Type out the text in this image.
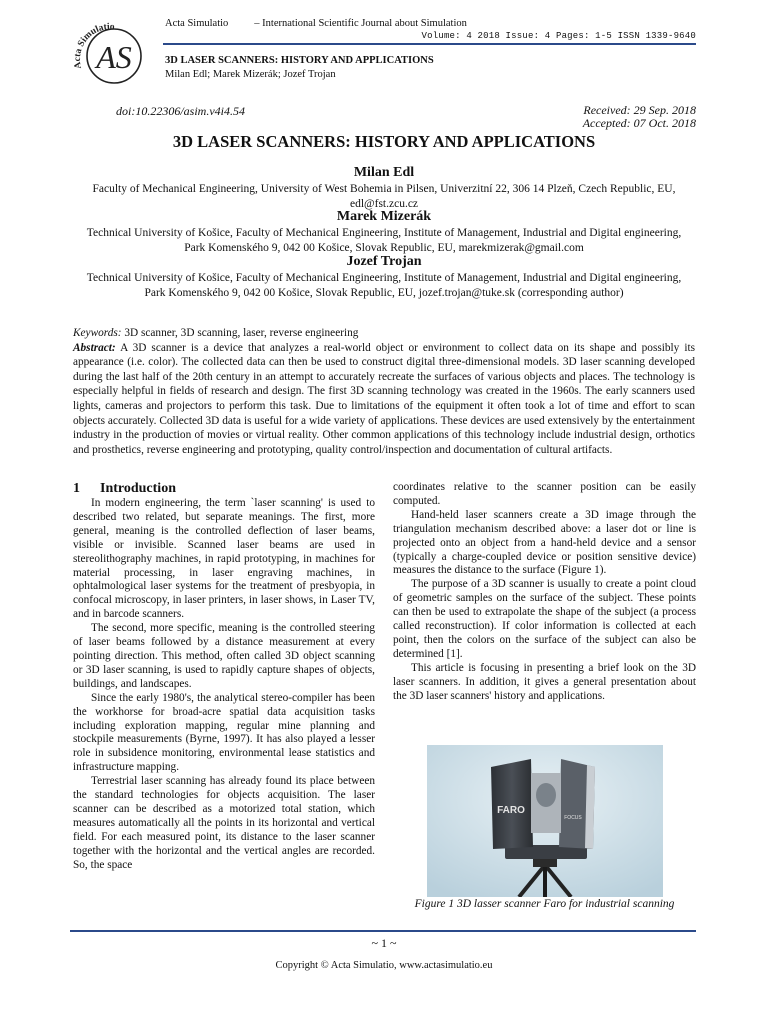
Acta Simulatio
AS
Acta Simulatio – International Scientific Journal about Simulation
Volume: 4 2018 Issue: 4 Pages: 1-5 ISSN 1339-9640
3D LASER SCANNERS: HISTORY AND APPLICATIONS
Milan Edl; Marek Mizerák; Jozef Trojan
doi:10.22306/asim.v4i4.54	Received: 29 Sep. 2018
Accepted: 07 Oct. 2018
3D LASER SCANNERS: HISTORY AND APPLICATIONS
Milan Edl
Faculty of Mechanical Engineering, University of West Bohemia in Pilsen, Univerzitní 22, 306 14 Plzeň, Czech Republic, EU, edl@fst.zcu.cz
Marek Mizerák
Technical University of Košice, Faculty of Mechanical Engineering, Institute of Management, Industrial and Digital engineering, Park Komenského 9, 042 00 Košice, Slovak Republic, EU, marekmizerak@gmail.com
Jozef Trojan
Technical University of Košice, Faculty of Mechanical Engineering, Institute of Management, Industrial and Digital engineering, Park Komenského 9, 042 00 Košice, Slovak Republic, EU, jozef.trojan@tuke.sk (corresponding author)

Keywords: 3D scanner, 3D scanning, laser, reverse engineering

Abstract: A 3D scanner is a device that analyzes a real-world object or environment to collect data on its shape and possibly its appearance (i.e. color). The collected data can then be used to construct digital three-dimensional models. 3D laser scanning developed during the last half of the 20th century in an attempt to accurately recreate the surfaces of various objects and places. The technology is especially helpful in fields of research and design. The first 3D scanning technology was created in the 1960s. The early scanners used lights, cameras and projectors to perform this task. Due to limitations of the equipment it often took a lot of time and effort to scan objects accurately. Collected 3D data is useful for a wide variety of applications. These devices are used extensively by the entertainment industry in the production of movies or virtual reality. Other common applications of this technology include industrial design, orthotics and prosthetics, reverse engineering and prototyping, quality control/inspection and documentation of cultural artifacts.

1 Introduction

In modern engineering, the term `laser scanning' is used to described two related, but separate meanings. The first, more general, meaning is the controlled deflection of laser beams, visible or invisible. Scanned laser beams are used in stereolithography machines, in rapid prototyping, in machines for material processing, in laser engraving machines, in ophtalmological laser systems for the treatment of presbyopia, in confocal microscopy, in laser printers, in laser shows, in Laser TV, and in barcode scanners.

The second, more specific, meaning is the controlled steering of laser beams followed by a distance measurement at every pointing direction. This method, often called 3D object scanning or 3D laser scanning, is used to rapidly capture shapes of objects, buildings, and landscapes.

Since the early 1980's, the analytical stereo-compiler has been the workhorse for broad-acre spatial data acquisition tasks including exploration mapping, regular mine planning and stockpile measurements (Byrne, 1997). It has also played a lesser role in subsidence monitoring, environmental lease statistics and infrastructure mapping.

Terrestrial laser scanning has already found its place between the standard technologies for objects acquisition. The laser scanner can be described as a motorized total station, which measures automatically all the points in its horizontal and vertical field. For each measured point, its distance to the laser scanner together with the horizontal and the vertical angles are recorded. So, the space

coordinates relative to the scanner position can be easily computed.

Hand-held laser scanners create a 3D image through the triangulation mechanism described above: a laser dot or line is projected onto an object from a hand-held device and a sensor (typically a charge-coupled device or position sensitive device) measures the distance to the surface (Figure 1).

The purpose of a 3D scanner is usually to create a point cloud of geometric samples on the surface of the subject. These points can then be used to extrapolate the shape of the subject (a process called reconstruction). If color information is collected at each point, then the colors on the surface of the subject can also be determined [1].

This article is focusing in presenting a brief look on the 3D laser scanners. In addition, it gives a general presentation about the 3D laser scanners' history and applications.

FARO
FOCUS
Figure 1 3D lasser scanner Faro for industrial scanning
~ 1 ~
Copyright © Acta Simulatio, www.actasimulatio.eu
